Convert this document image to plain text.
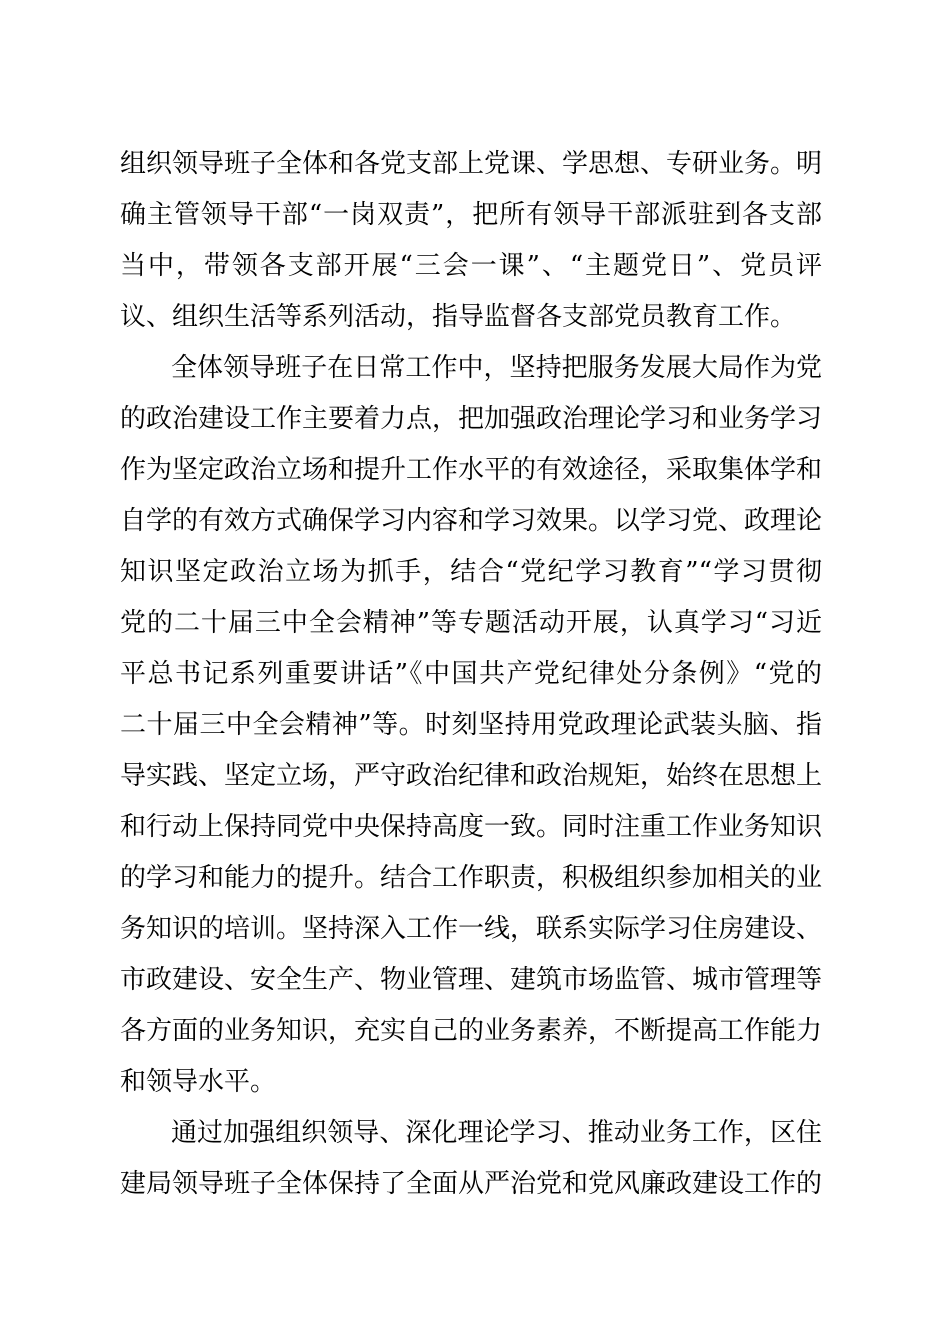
组织领导班子全体和各党支部上党课、学思想、专研业务。明
确主管领导干部“一岗双责”，把所有领导干部派驻到各支部
当中，带领各支部开展“三会一课”、“主题党日”、党员评
议、组织生活等系列活动，指导监督各支部党员教育工作。
全体领导班子在日常工作中，坚持把服务发展大局作为党
的政治建设工作主要着力点，把加强政治理论学习和业务学习
作为坚定政治立场和提升工作水平的有效途径，采取集体学和
自学的有效方式确保学习内容和学习效果。以学习党、政理论
知识坚定政治立场为抓手，结合“党纪学习教育”“学习贯彻
党的二十届三中全会精神”等专题活动开展，认真学习“习近
平总书记系列重要讲话”《中国共产党纪律处分条例》“党的
二十届三中全会精神”等。时刻坚持用党政理论武装头脑、指
导实践、坚定立场，严守政治纪律和政治规矩，始终在思想上
和行动上保持同党中央保持高度一致。同时注重工作业务知识
的学习和能力的提升。结合工作职责，积极组织参加相关的业
务知识的培训。坚持深入工作一线，联系实际学习住房建设、
市政建设、安全生产、物业管理、建筑市场监管、城市管理等
各方面的业务知识，充实自己的业务素养，不断提高工作能力
和领导水平。
通过加强组织领导、深化理论学习、推动业务工作，区住
建局领导班子全体保持了全面从严治党和党风廉政建设工作的
